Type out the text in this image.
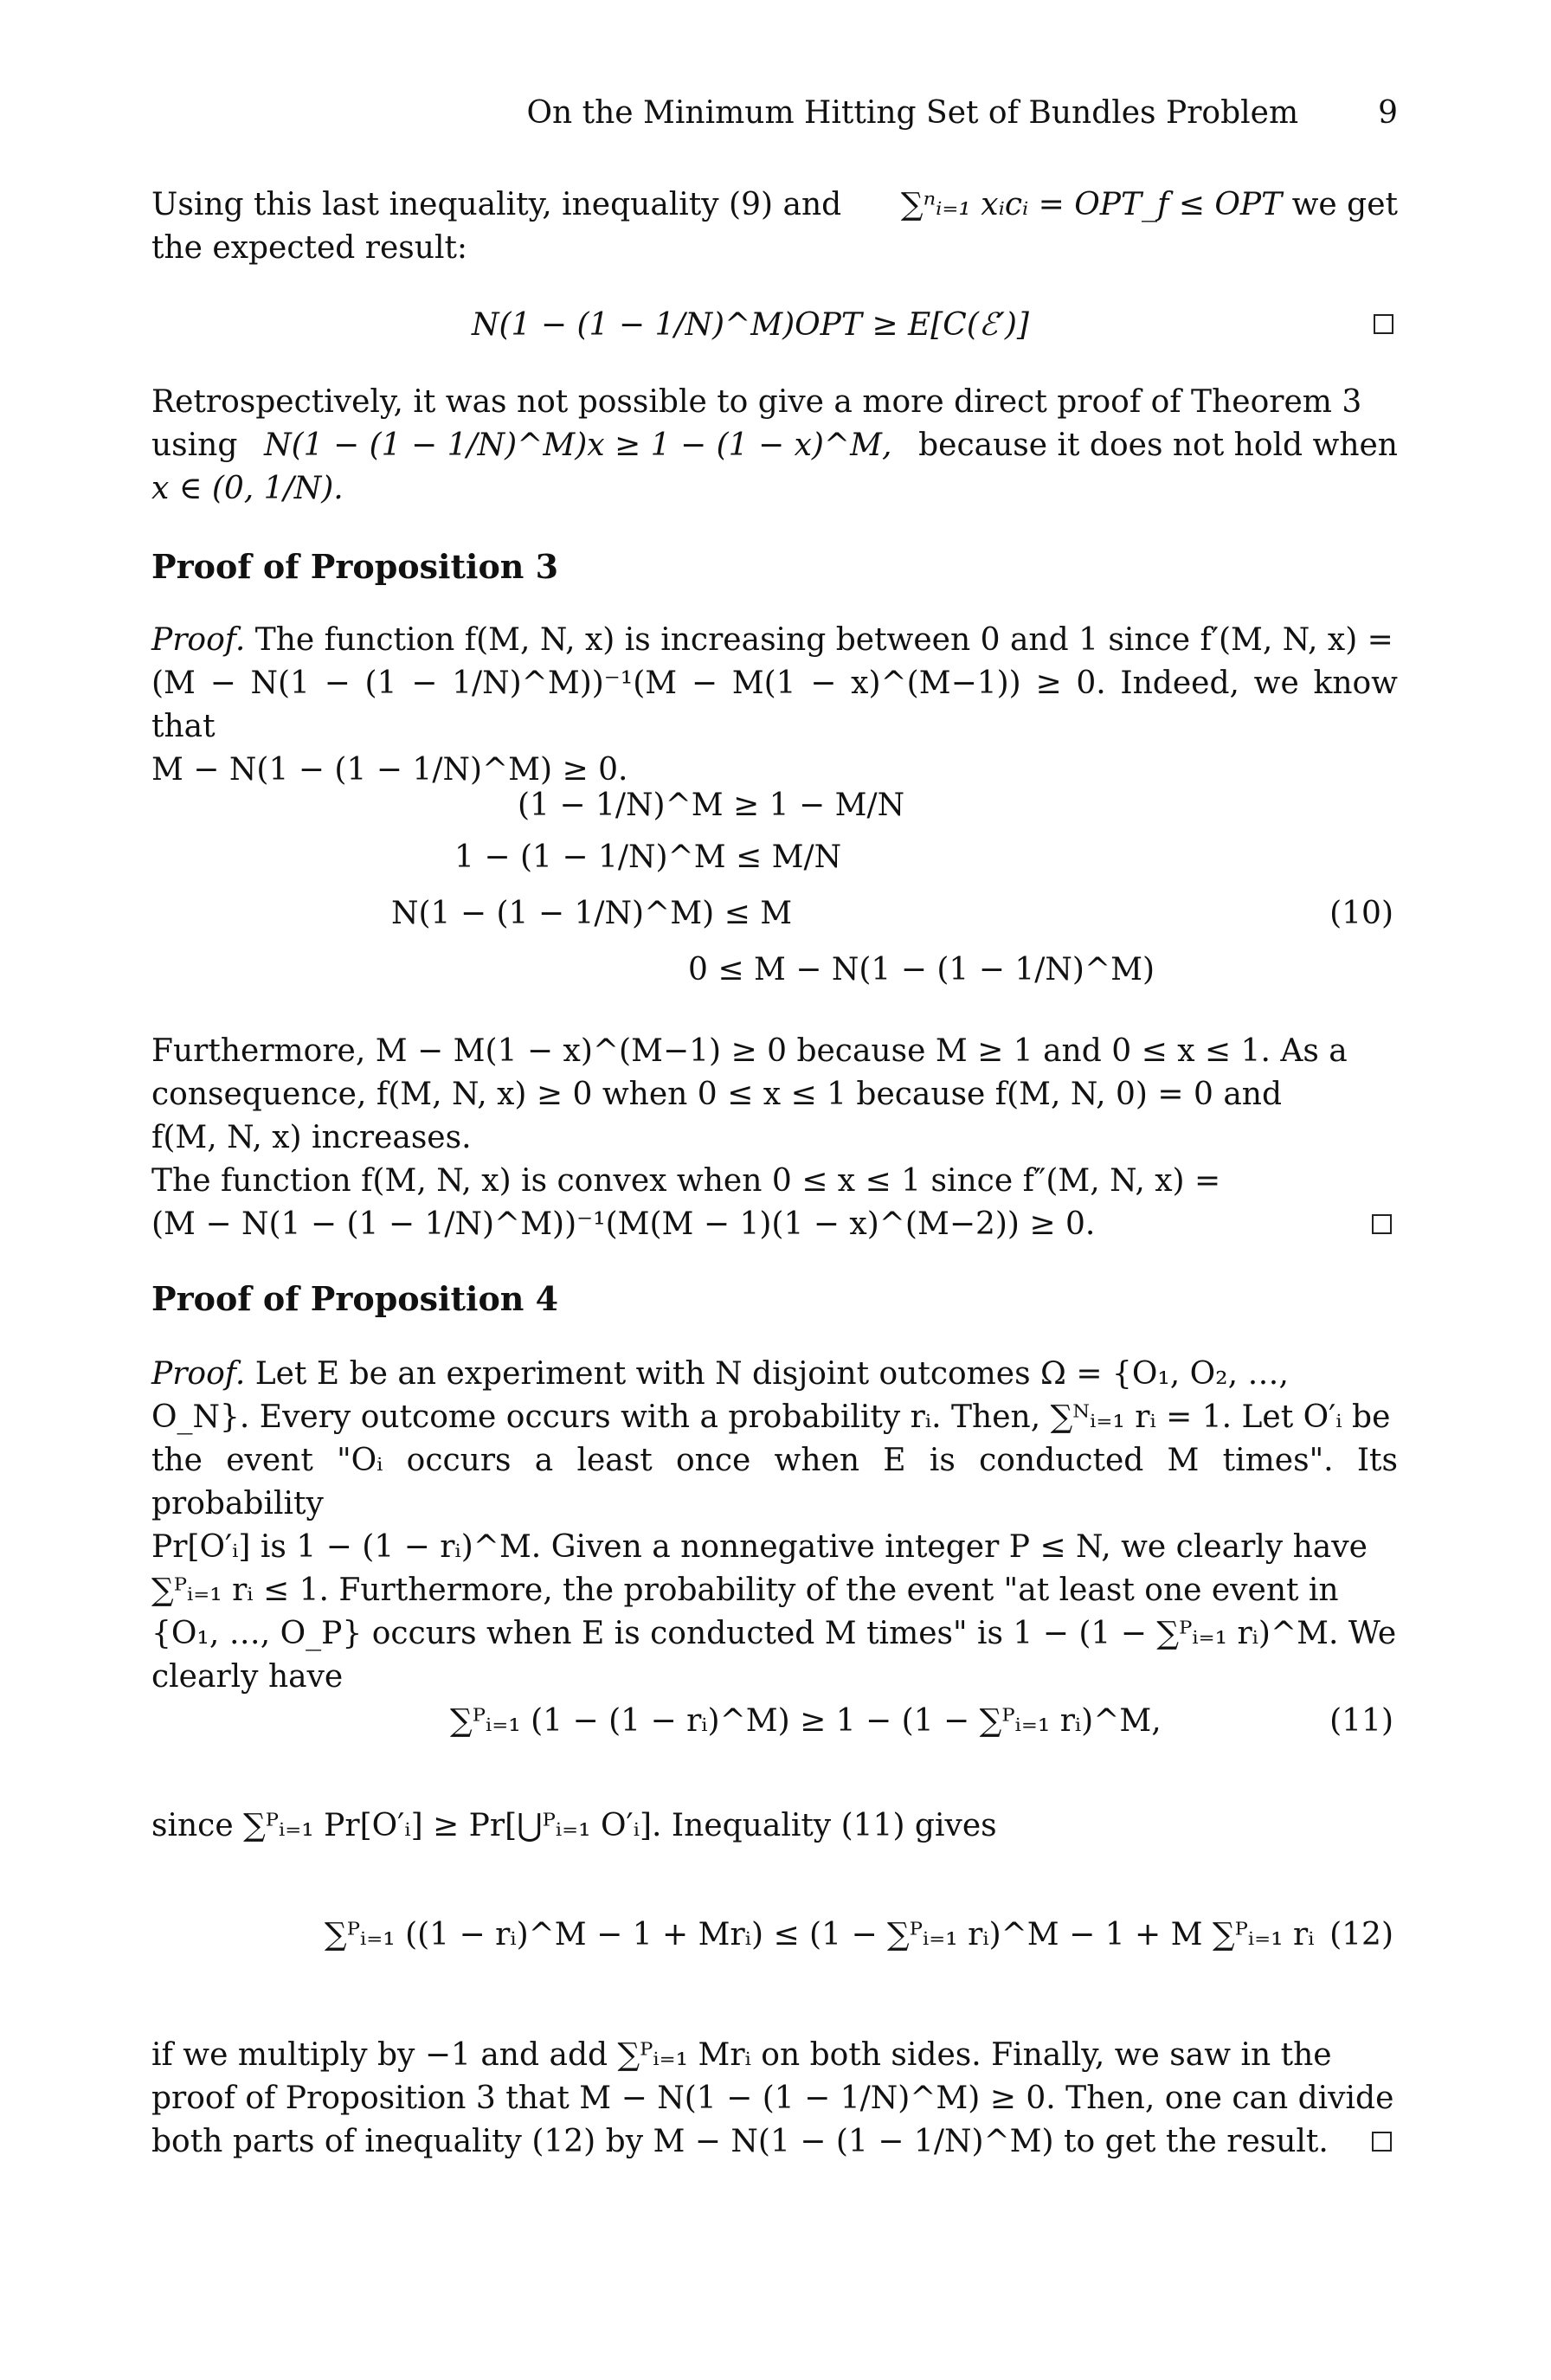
On the Minimum Hitting Set of Bundles Problem	9
Using this last inequality, inequality (9) and ∑ⁿᵢ₌₁ xᵢcᵢ = OPT_f ≤ OPT we get
the expected result:
N(1 − (1 − 1/N)^M)OPT ≥ E[C(ℰ′)]
Retrospectively, it was not possible to give a more direct proof of Theorem 3
using N(1 − (1 − 1/N)^M)x ≥ 1 − (1 − x)^M, because it does not hold when
x ∈ (0, 1/N).
Proof of Proposition 3
Proof. The function f(M, N, x) is increasing between 0 and 1 since f′(M, N, x) =
(M − N(1 − (1 − 1/N)^M))⁻¹(M − M(1 − x)^(M−1)) ≥ 0. Indeed, we know that
M − N(1 − (1 − 1/N)^M) ≥ 0.
(1 − 1/N)^M ≥ 1 − M/N
1 − (1 − 1/N)^M ≤ M/N
N(1 − (1 − 1/N)^M) ≤ M
0 ≤ M − N(1 − (1 − 1/N)^M)
(10)
Furthermore, M − M(1 − x)^(M−1) ≥ 0 because M ≥ 1 and 0 ≤ x ≤ 1. As a
consequence, f(M, N, x) ≥ 0 when 0 ≤ x ≤ 1 because f(M, N, 0) = 0 and
f(M, N, x) increases.
The function f(M, N, x) is convex when 0 ≤ x ≤ 1 since f″(M, N, x) =
(M − N(1 − (1 − 1/N)^M))⁻¹(M(M − 1)(1 − x)^(M−2)) ≥ 0.
Proof of Proposition 4
Proof. Let E be an experiment with N disjoint outcomes Ω = {O₁, O₂, …,
O_N}. Every outcome occurs with a probability rᵢ. Then, ∑ᴺᵢ₌₁ rᵢ = 1. Let O′ᵢ be
the event "Oᵢ occurs a least once when E is conducted M times". Its probability
Pr[O′ᵢ] is 1 − (1 − rᵢ)^M. Given a nonnegative integer P ≤ N, we clearly have
∑ᴾᵢ₌₁ rᵢ ≤ 1. Furthermore, the probability of the event "at least one event in
{O₁, …, O_P} occurs when E is conducted M times" is 1 − (1 − ∑ᴾᵢ₌₁ rᵢ)^M. We
clearly have
∑ᴾᵢ₌₁ (1 − (1 − rᵢ)^M) ≥ 1 − (1 − ∑ᴾᵢ₌₁ rᵢ)^M,	(11)
since ∑ᴾᵢ₌₁ Pr[O′ᵢ] ≥ Pr[⋃ᴾᵢ₌₁ O′ᵢ]. Inequality (11) gives
∑ᴾᵢ₌₁ ((1 − rᵢ)^M − 1 + Mrᵢ) ≤ (1 − ∑ᴾᵢ₌₁ rᵢ)^M − 1 + M ∑ᴾᵢ₌₁ rᵢ (12)
if we multiply by −1 and add ∑ᴾᵢ₌₁ Mrᵢ on both sides. Finally, we saw in the
proof of Proposition 3 that M − N(1 − (1 − 1/N)^M) ≥ 0. Then, one can divide
both parts of inequality (12) by M − N(1 − (1 − 1/N)^M) to get the result.
